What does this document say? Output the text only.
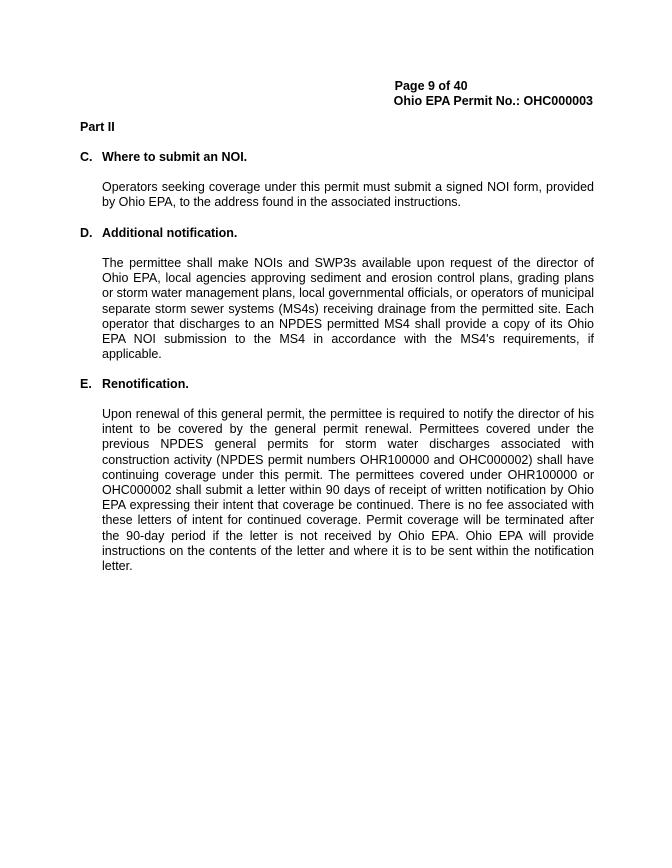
Page 9 of 40
Ohio EPA Permit No.: OHC000003
Part II
C. Where to submit an NOI.
Operators seeking coverage under this permit must submit a signed NOI form, provided by Ohio EPA, to the address found in the associated instructions.
D. Additional notification.
The permittee shall make NOIs and SWP3s available upon request of the director of Ohio EPA, local agencies approving sediment and erosion control plans, grading plans or storm water management plans, local governmental officials, or operators of municipal separate storm sewer systems (MS4s) receiving drainage from the permitted site. Each operator that discharges to an NPDES permitted MS4 shall provide a copy of its Ohio EPA NOI submission to the MS4 in accordance with the MS4's requirements, if applicable.
E. Renotification.
Upon renewal of this general permit, the permittee is required to notify the director of his intent to be covered by the general permit renewal. Permittees covered under the previous NPDES general permits for storm water discharges associated with construction activity (NPDES permit numbers OHR100000 and OHC000002) shall have continuing coverage under this permit. The permittees covered under OHR100000 or OHC000002 shall submit a letter within 90 days of receipt of written notification by Ohio EPA expressing their intent that coverage be continued. There is no fee associated with these letters of intent for continued coverage. Permit coverage will be terminated after the 90-day period if the letter is not received by Ohio EPA. Ohio EPA will provide instructions on the contents of the letter and where it is to be sent within the notification letter.
